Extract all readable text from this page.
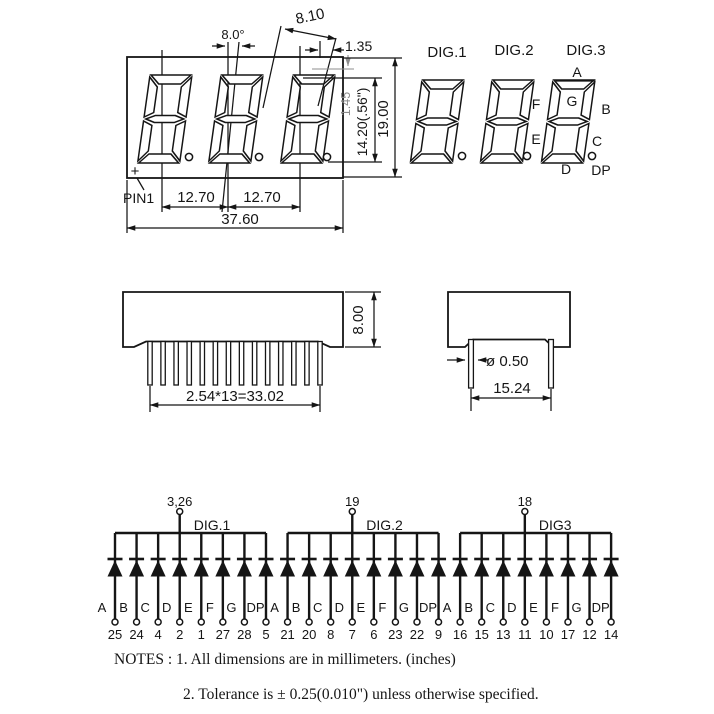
8.0°
8.10
1.35
1.45 14.20(.56") 19.00
+
PIN1 12.70 12.70
37.60
DIG.1 DIG.2 DIG.3
A
F G B
E	C
D DP
2.54*13=33.02
8.00
ø 0.50
15.24
3,26
DIG.1
A
25
B
24
C
4
D
2
E
1
F
27
G
28
DP
5
19
DIG.2
A
21
B
20
C
8
D
7
E
6
F
23
G
22
DP
9
18
DIG3
A
16
B
15
C
13
D
11
E
10
F
17
G
12
DP
14
NOTES : 1. All dimensions are in millimeters. (inches)
2. Tolerance is ± 0.25(0.010") unless otherwise specified.
